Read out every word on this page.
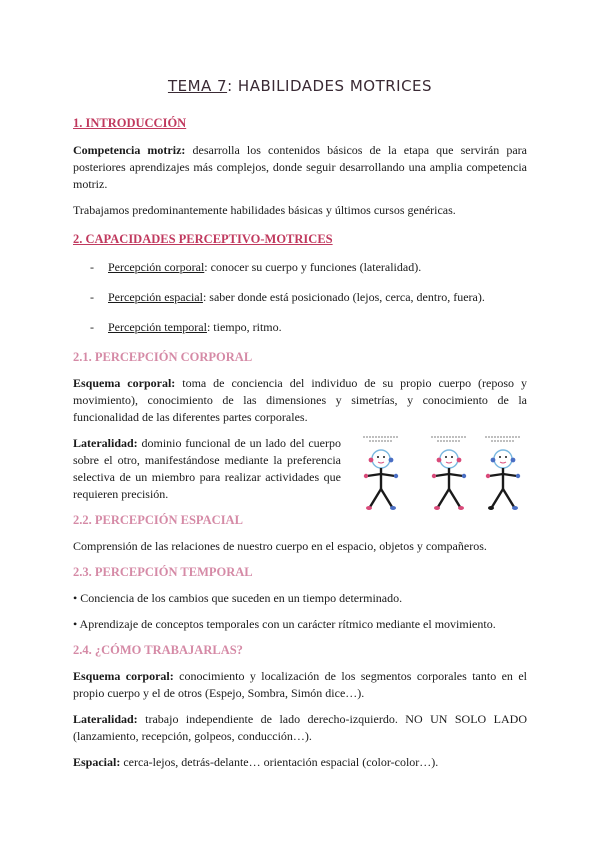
TEMA 7: HABILIDADES MOTRICES
1. INTRODUCCIÓN

Competencia motriz: desarrolla los contenidos básicos de la etapa que servirán para posteriores aprendizajes más complejos, donde seguir desarrollando una amplia competencia motriz.

Trabajamos predominantemente habilidades básicas y últimos cursos genéricas.

2. CAPACIDADES PERCEPTIVO-MOTRICES
- Percepción corporal: conocer su cuerpo y funciones (lateralidad).
- Percepción espacial: saber donde está posicionado (lejos, cerca, dentro, fuera).
- Percepción temporal: tiempo, ritmo.
2.1. PERCEPCIÓN CORPORAL

Esquema corporal: toma de conciencia del individuo de su propio cuerpo (reposo y movimiento), conocimiento de las dimensiones y simetrías, y conocimiento de la funcionalidad de las diferentes partes corporales.

Lateralidad: dominio funcional de un lado del cuerpo sobre el otro, manifestándose mediante la preferencia selectiva de un miembro para realizar actividades que requieren precisión.

2.2. PERCEPCIÓN ESPACIAL

Comprensión de las relaciones de nuestro cuerpo en el espacio, objetos y compañeros.

2.3. PERCEPCIÓN TEMPORAL

• Conciencia de los cambios que suceden en un tiempo determinado.

• Aprendizaje de conceptos temporales con un carácter rítmico mediante el movimiento.

2.4. ¿CÓMO TRABAJARLAS?

Esquema corporal: conocimiento y localización de los segmentos corporales tanto en el propio cuerpo y el de otros (Espejo, Sombra, Simón dice…).

Lateralidad: trabajo independiente de lado derecho-izquierdo. NO UN SOLO LADO (lanzamiento, recepción, golpeos, conducción…).

Espacial: cerca-lejos, detrás-delante… orientación espacial (color-color…).
